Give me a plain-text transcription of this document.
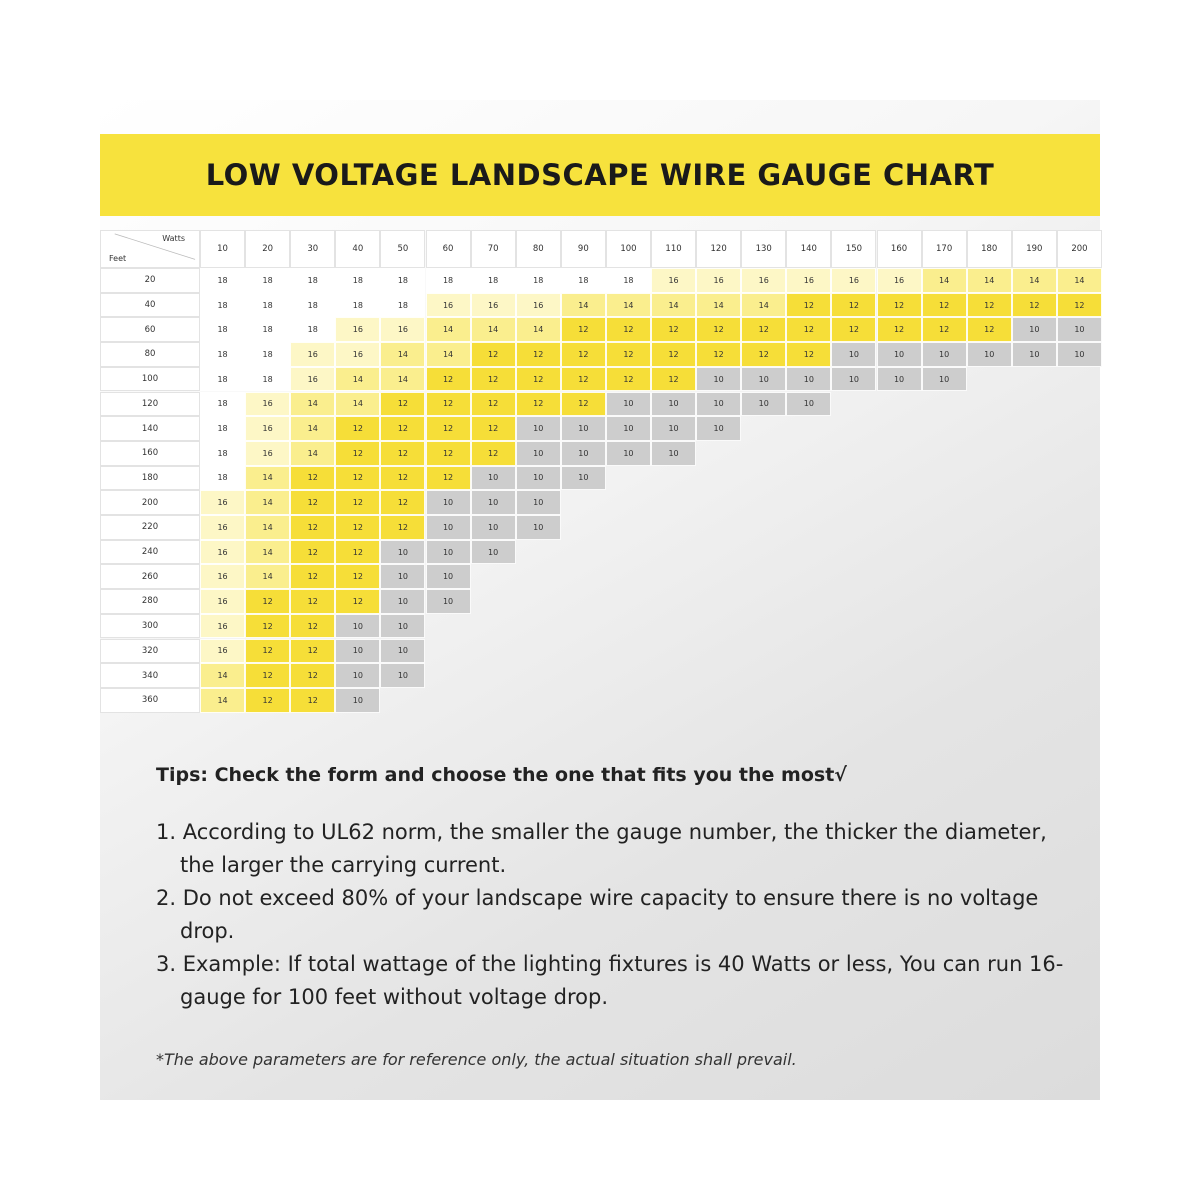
LOW VOLTAGE LANDSCAPE WIRE GAUGE CHART
Watts
Feet
10	20	30	40	50	60	70	80	90	100	110	120	130	140	150	160	170	180	190	200
20	18	18	18	18	18	18	18	18	18	18	16	16	16	16	16	16	14	14	14	14
40	18	18	18	18	18	16	16	16	14	14	14	14	14	12	12	12	12	12	12	12
60	18	18	18	16	16	14	14	14	12	12	12	12	12	12	12	12	12	12	10	10
80	18	18	16	16	14	14	12	12	12	12	12	12	12	12	10	10	10	10	10	10
100	18	18	16	14	14	12	12	12	12	12	12	10	10	10	10	10	10
120	18	16	14	14	12	12	12	12	12	10	10	10	10	10
140	18	16	14	12	12	12	12	10	10	10	10	10
160	18	16	14	12	12	12	12	10	10	10	10
180	18	14	12	12	12	12	10	10	10
200	16	14	12	12	12	10	10	10
220	16	14	12	12	12	10	10	10
240	16	14	12	12	10	10	10
260	16	14	12	12	10	10
280	16	12	12	12	10	10
300	16	12	12	10	10
320	16	12	12	10	10
340	14	12	12	10	10
360	14	12	12	10
Tips: Check the form and choose the one that fits you the most√
1. According to UL62 norm, the smaller the gauge number, the thicker the diameter, the larger the carrying current.
2. Do not exceed 80% of your landscape wire capacity to ensure there is no voltage drop.
3. Example: If total wattage of the lighting fixtures is 40 Watts or less, You can run 16-gauge for 100 feet without voltage drop.
*The above parameters are for reference only, the actual situation shall prevail.
